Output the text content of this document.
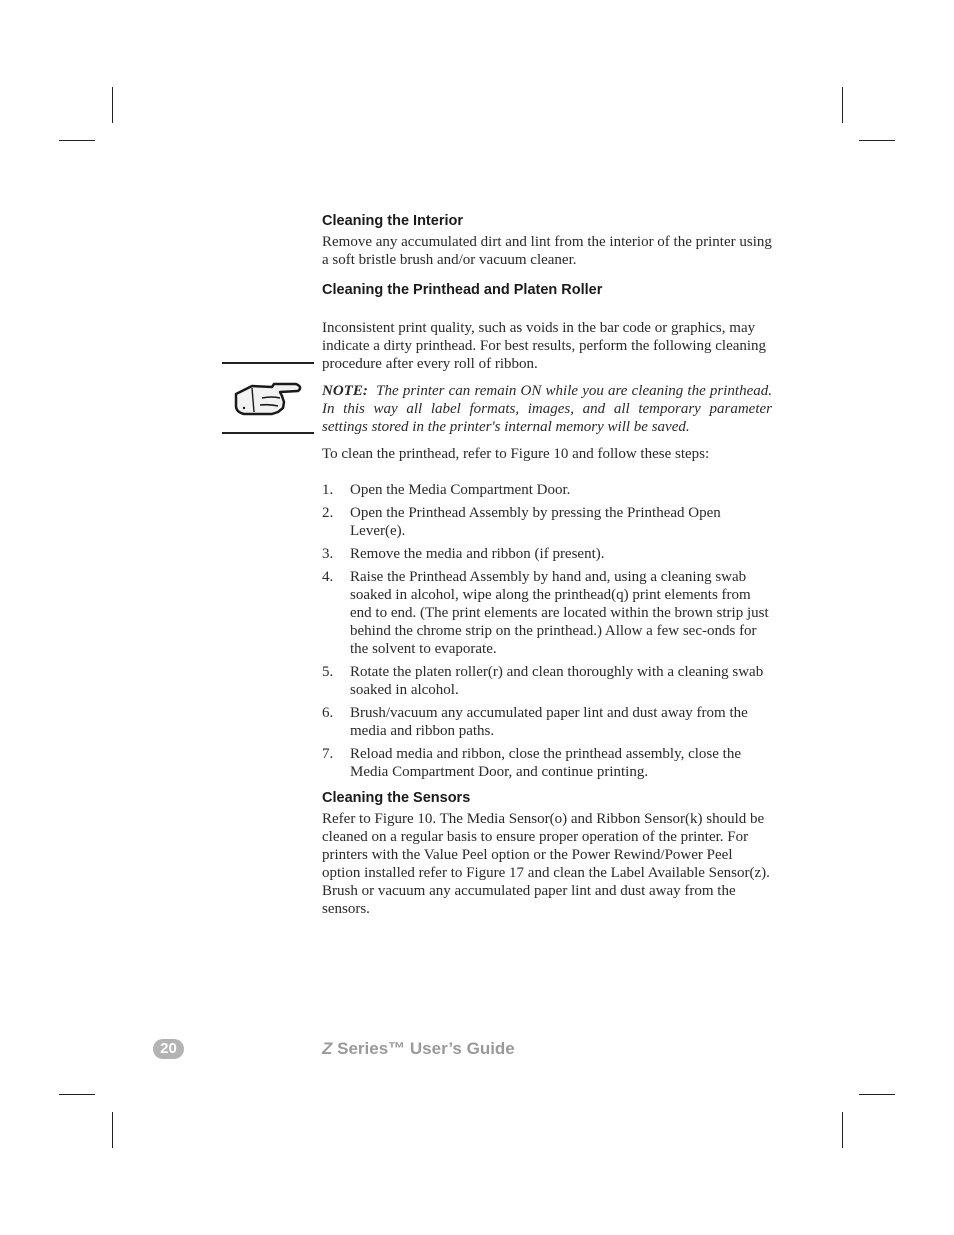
Cleaning the Interior

Remove any accumulated dirt and lint from the interior of the printer using a soft bristle brush and/or vacuum cleaner.

Cleaning the Printhead and Platen Roller

Inconsistent print quality, such as voids in the bar code or graphics, may indicate a dirty printhead. For best results, perform the following cleaning procedure after every roll of ribbon.

NOTE: The printer can remain ON while you are cleaning the printhead. In this way all label formats, images, and all temporary parameter settings stored in the printer's internal memory will be saved.

To clean the printhead, refer to Figure 10 and follow these steps:

1. Open the Media Compartment Door.
2. Open the Printhead Assembly by pressing the Printhead Open Lever(e).
3. Remove the media and ribbon (if present).
4. Raise the Printhead Assembly by hand and, using a cleaning swab soaked in alcohol, wipe along the printhead(q) print elements from end to end. (The print elements are located within the brown strip just behind the chrome strip on the printhead.) Allow a few sec-onds for the solvent to evaporate.
5. Rotate the platen roller(r) and clean thoroughly with a cleaning swab soaked in alcohol.
6. Brush/vacuum any accumulated paper lint and dust away from the media and ribbon paths.
7. Reload media and ribbon, close the printhead assembly, close the Media Compartment Door, and continue printing.
Cleaning the Sensors

Refer to Figure 10. The Media Sensor(o) and Ribbon Sensor(k) should be cleaned on a regular basis to ensure proper operation of the printer. For printers with the Value Peel option or the Power Rewind/Power Peel option installed refer to Figure 17 and clean the Label Available Sensor(z). Brush or vacuum any accumulated paper lint and dust away from the sensors.

20	Z Series™ User’s Guide
